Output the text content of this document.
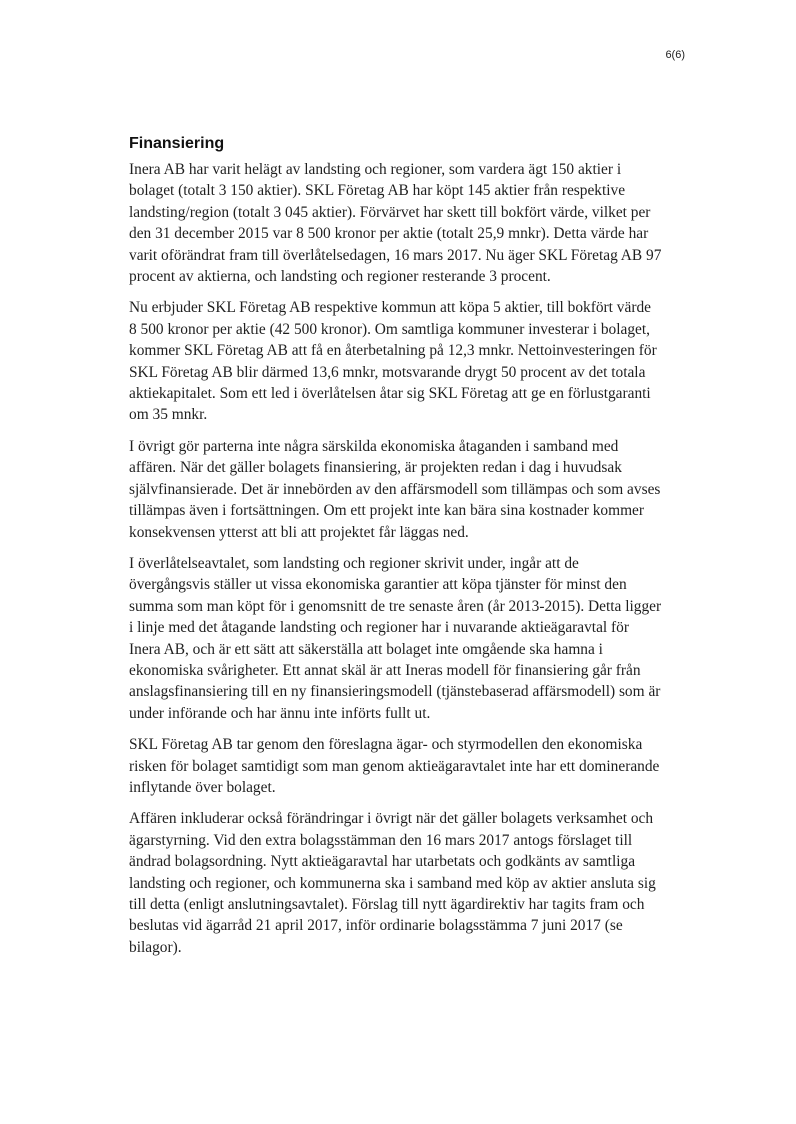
6(6)
Finansiering

Inera AB har varit helägt av landsting och regioner, som vardera ägt 150 aktier i
bolaget (totalt 3 150 aktier). SKL Företag AB har köpt 145 aktier från respektive
landsting/region (totalt 3 045 aktier). Förvärvet har skett till bokfört värde, vilket per
den 31 december 2015 var 8 500 kronor per aktie (totalt 25,9 mnkr). Detta värde har
varit oförändrat fram till överlåtelsedagen, 16 mars 2017. Nu äger SKL Företag AB 97
procent av aktierna, och landsting och regioner resterande 3 procent.

Nu erbjuder SKL Företag AB respektive kommun att köpa 5 aktier, till bokfört värde
8 500 kronor per aktie (42 500 kronor). Om samtliga kommuner investerar i bolaget,
kommer SKL Företag AB att få en återbetalning på 12,3 mnkr. Nettoinvesteringen för
SKL Företag AB blir därmed 13,6 mnkr, motsvarande drygt 50 procent av det totala
aktiekapitalet. Som ett led i överlåtelsen åtar sig SKL Företag att ge en förlustgaranti
om 35 mnkr.

I övrigt gör parterna inte några särskilda ekonomiska åtaganden i samband med
affären. När det gäller bolagets finansiering, är projekten redan i dag i huvudsak
självfinansierade. Det är innebörden av den affärsmodell som tillämpas och som avses
tillämpas även i fortsättningen. Om ett projekt inte kan bära sina kostnader kommer
konsekvensen ytterst att bli att projektet får läggas ned.

I överlåtelseavtalet, som landsting och regioner skrivit under, ingår att de
övergångsvis ställer ut vissa ekonomiska garantier att köpa tjänster för minst den
summa som man köpt för i genomsnitt de tre senaste åren (år 2013-2015). Detta ligger
i linje med det åtagande landsting och regioner har i nuvarande aktieägaravtal för
Inera AB, och är ett sätt att säkerställa att bolaget inte omgående ska hamna i
ekonomiska svårigheter. Ett annat skäl är att Ineras modell för finansiering går från
anslagsfinansiering till en ny finansieringsmodell (tjänstebaserad affärsmodell) som är
under införande och har ännu inte införts fullt ut.

SKL Företag AB tar genom den föreslagna ägar- och styrmodellen den ekonomiska
risken för bolaget samtidigt som man genom aktieägaravtalet inte har ett dominerande
inflytande över bolaget.

Affären inkluderar också förändringar i övrigt när det gäller bolagets verksamhet och
ägarstyrning. Vid den extra bolagsstämman den 16 mars 2017 antogs förslaget till
ändrad bolagsordning. Nytt aktieägaravtal har utarbetats och godkänts av samtliga
landsting och regioner, och kommunerna ska i samband med köp av aktier ansluta sig
till detta (enligt anslutningsavtalet). Förslag till nytt ägardirektiv har tagits fram och
beslutas vid ägarråd 21 april 2017, inför ordinarie bolagsstämma 7 juni 2017 (se
bilagor).
